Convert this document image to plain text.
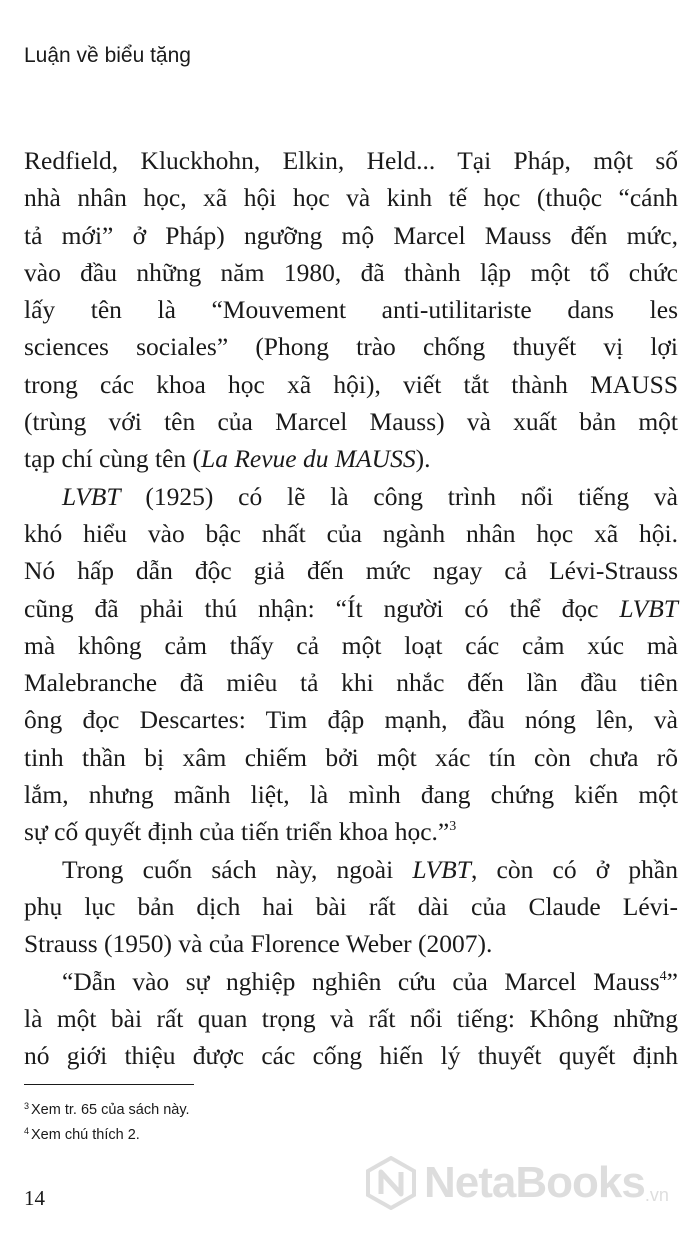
Luận về biểu tặng
Redfield, Kluckhohn, Elkin, Held... Tại Pháp, một số
nhà nhân học, xã hội học và kinh tế học (thuộc “cánh
tả mới” ở Pháp) ngưỡng mộ Marcel Mauss đến mức,
vào đầu những năm 1980, đã thành lập một tổ chức
lấy tên là “Mouvement anti-utilitariste dans les
sciences sociales” (Phong trào chống thuyết vị lợi
trong các khoa học xã hội), viết tắt thành MAUSS
(trùng với tên của Marcel Mauss) và xuất bản một
tạp chí cùng tên (La Revue du MAUSS).
LVBT (1925) có lẽ là công trình nổi tiếng và
khó hiểu vào bậc nhất của ngành nhân học xã hội.
Nó hấp dẫn độc giả đến mức ngay cả Lévi-Strauss
cũng đã phải thú nhận: “Ít người có thể đọc LVBT
mà không cảm thấy cả một loạt các cảm xúc mà
Malebranche đã miêu tả khi nhắc đến lần đầu tiên
ông đọc Descartes: Tim đập mạnh, đầu nóng lên, và
tinh thần bị xâm chiếm bởi một xác tín còn chưa rõ
lắm, nhưng mãnh liệt, là mình đang chứng kiến một
sự cố quyết định của tiến triển khoa học.”$^3$
Trong cuốn sách này, ngoài LVBT, còn có ở phần
phụ lục bản dịch hai bài rất dài của Claude Lévi-
Strauss (1950) và của Florence Weber (2007).
“Dẫn vào sự nghiệp nghiên cứu của Marcel Mauss$^4$”
là một bài rất quan trọng và rất nổi tiếng: Không những
nó giới thiệu được các cống hiến lý thuyết quyết định
$^3$ Xem tr. 65 của sách này.
$^4$ Xem chú thích 2.
14	NetaBooks .vn
